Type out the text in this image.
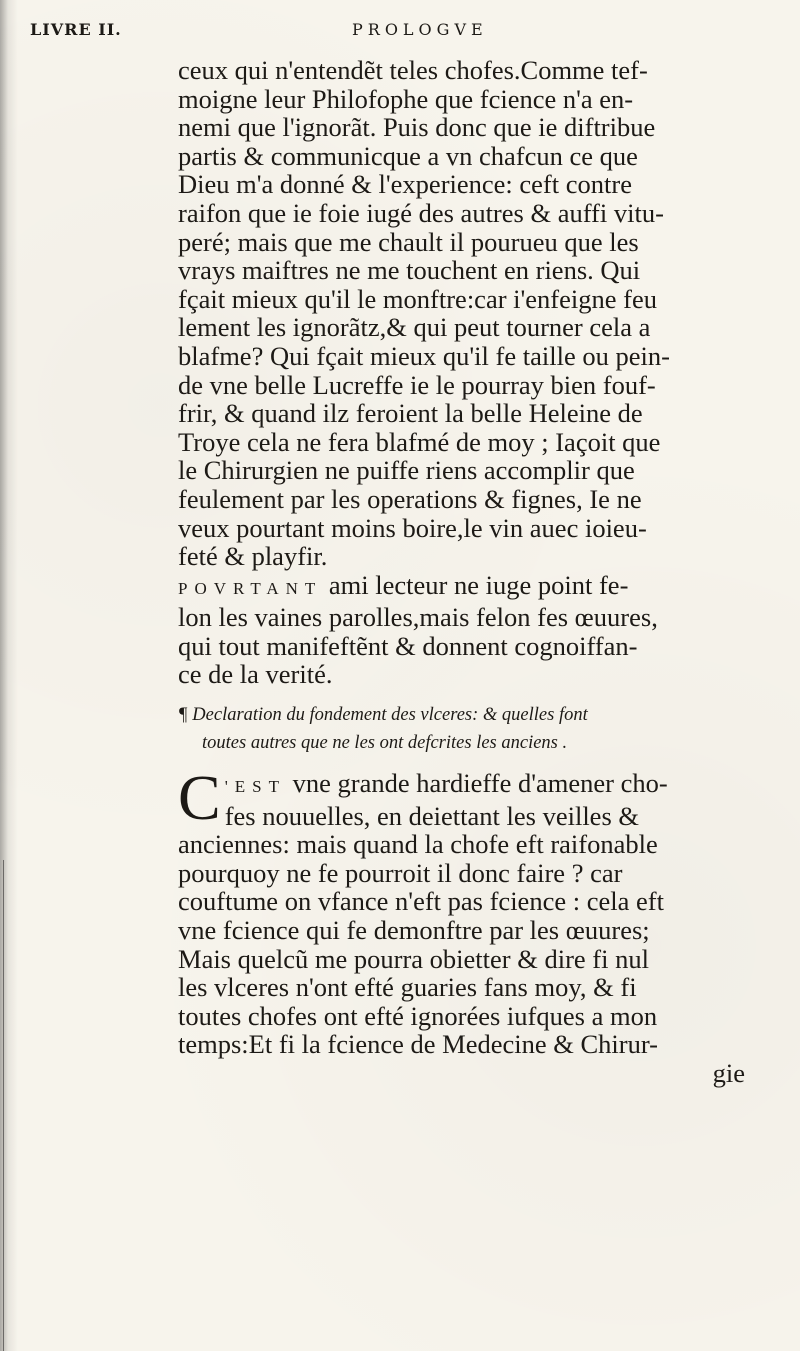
LIVRE II.	PROLOGVE
ceux qui n'entendẽt teles chofes.Comme tef-
moigne leur Philofophe que fcience n'a en-
nemi que l'ignorãt. Puis donc que ie diftribue
partis & communicque a vn chafcun ce que
Dieu m'a donné & l'experience: ceft contre
raifon que ie foie iugé des autres & auffi vitu-
peré; mais que me chault il pourueu que les
vrays maiftres ne me touchent en riens. Qui
fçait mieux qu'il le monftre:car i'enfeigne feu
lement les ignorãtz,& qui peut tourner cela a
blafme? Qui fçait mieux qu'il fe taille ou pein-
de vne belle Lucreffe ie le pourray bien fouf-
frir, & quand ilz feroient la belle Heleine de
Troye cela ne fera blafmé de moy ; Iaçoit que
le Chirurgien ne puiffe riens accomplir que
feulement par les operations & fignes, Ie ne
veux pourtant moins boire,le vin auec ioieu-
feté & playfir.
POVRTANT ami lecteur ne iuge point fe-
lon les vaines parolles,mais felon fes œuures,
qui tout manifeftẽnt & donnent cognoiffan-
ce de la verité.
¶ Declaration du fondement des vlceres: & quelles font
toutes autres que ne les ont defcrites les anciens .
C 'EST vne grande hardieffe d'amener cho-
fes nouuelles, en deiettant les veilles &
anciennes: mais quand la chofe eft raifonable
pourquoy ne fe pourroit il donc faire ? car
couftume on vfance n'eft pas fcience : cela eft
vne fcience qui fe demonftre par les œuures;
Mais quelcũ me pourra obietter & dire fi nul
les vlceres n'ont efté guaries fans moy, & fi
toutes chofes ont efté ignorées iufques a mon
temps:Et fi la fcience de Medecine & Chirur-
gie
